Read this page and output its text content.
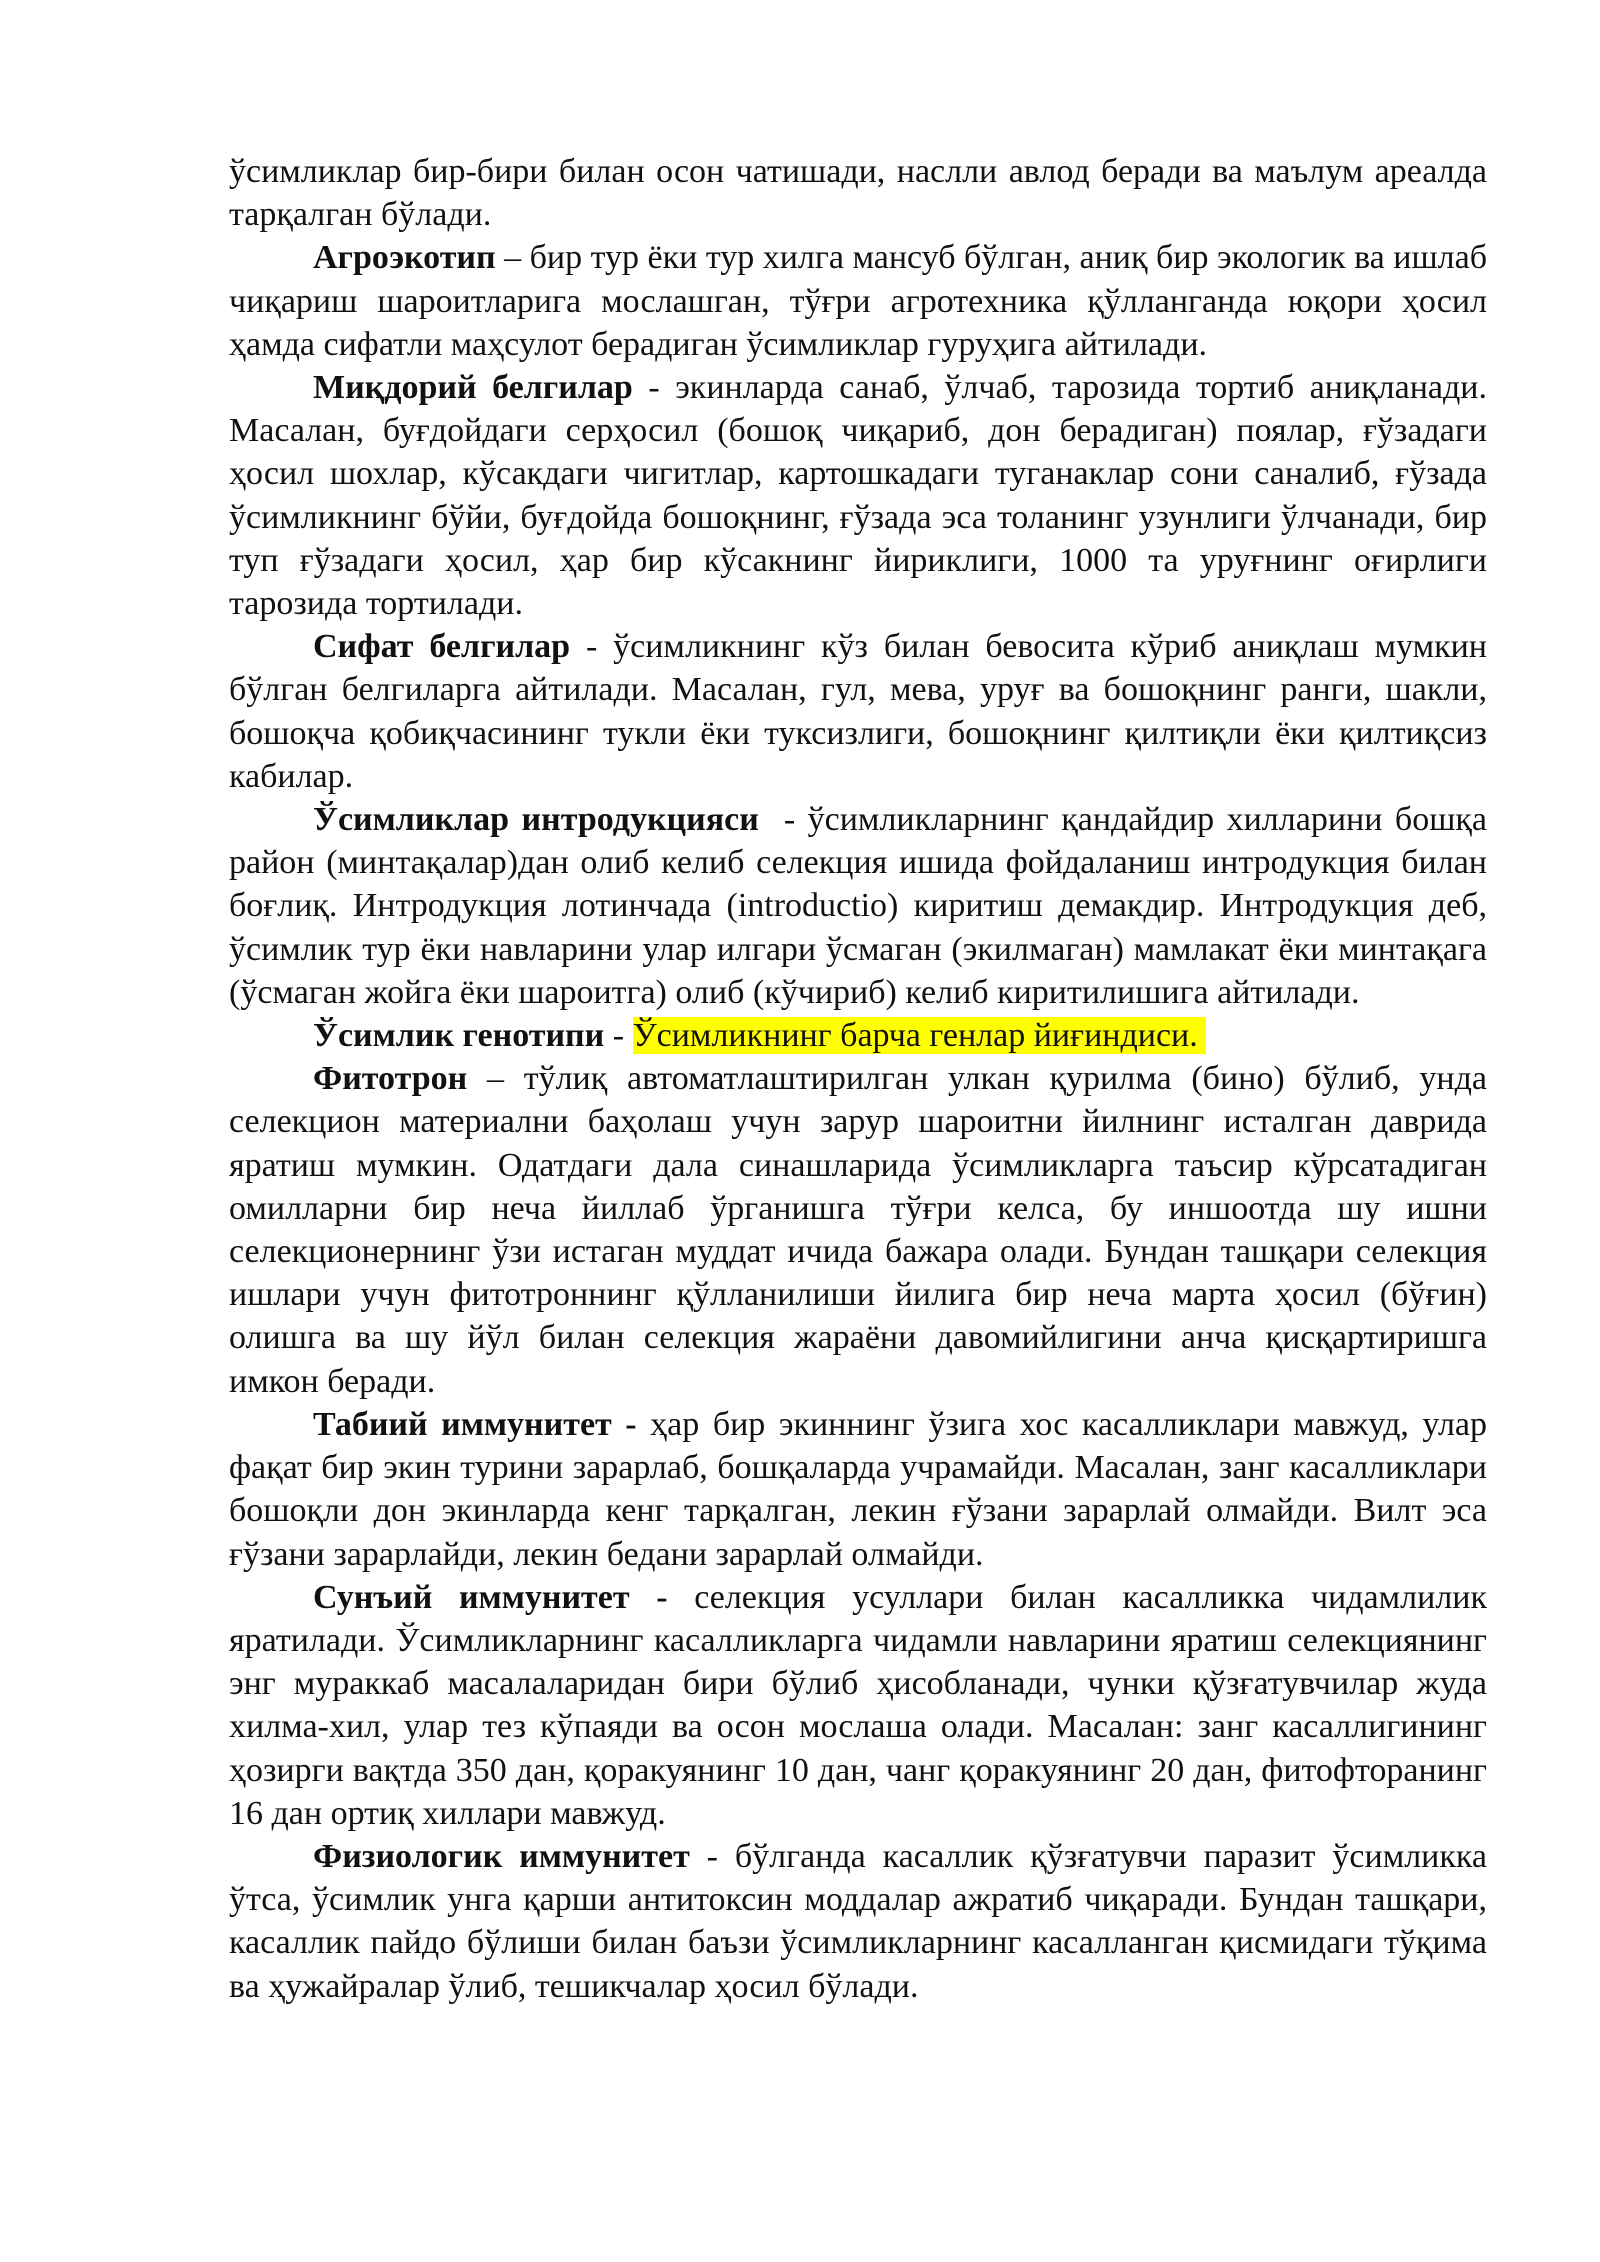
ўсимликлар бир-бири билан осон чатишади, наслли авлод беради ва маълум ареалда тарқалган бўлади.

Агроэкотип – бир тур ёки тур хилга мансуб бўлган, аниқ бир экологик ва ишлаб чиқариш шароитларига мослашган, тўғри агротехника қўлланганда юқори ҳосил ҳамда сифатли маҳсулот берадиган ўсимликлар гуруҳига айтилади.

Миқдорий белгилар - экинларда санаб, ўлчаб, тарозида тортиб аниқланади. Масалан, буғдойдаги серҳосил (бошоқ чиқариб, дон берадиган) поялар, ғўзадаги ҳосил шохлар, кўсакдаги чигитлар, картошкадаги туганаклар сони саналиб, ғўзада ўсимликнинг бўйи, буғдойда бошоқнинг, ғўзада эса толанинг узунлиги ўлчанади, бир туп ғўзадаги ҳосил, ҳар бир кўсакнинг йириклиги, 1000 та уруғнинг оғирлиги тарозида тортилади.

Сифат белгилар - ўсимликнинг кўз билан бевосита кўриб аниқлаш мумкин бўлган белгиларга айтилади. Масалан, гул, мева, уруғ ва бошоқнинг ранги, шакли, бошоқча қобиқчасининг тукли ёки туксизлиги, бошоқнинг қилтиқли ёки қилтиқсиз кабилар.

Ўсимликлар интродукцияси  - ўсимликларнинг қандайдир хилларини бошқа район (минтақалар)дан олиб келиб селекция ишида фойдаланиш интродукция билан боғлиқ. Интродукция лотинчада (introductio) киритиш демакдир. Интродукция деб, ўсимлик тур ёки навларини улар илгари ўсмаган (экилмаган) мамлакат ёки минтақага (ўсмаган жойга ёки шароитга) олиб (кўчириб) келиб киритилишига айтилади.

Ўсимлик генотипи - Ўсимликнинг барча генлар йиғиндиси.

Фитотрон – тўлиқ автоматлаштирилган улкан қурилма (бино) бўлиб, унда селекцион материални баҳолаш учун зарур шароитни йилнинг исталган даврида яратиш мумкин. Одатдаги дала синашларида ўсимликларга таъсир кўрсатадиган омилларни бир неча йиллаб ўрганишга тўғри келса, бу иншоотда шу ишни селекционернинг ўзи истаган муддат ичида бажара олади. Бундан ташқари селекция ишлари учун фитотроннинг қўлланилиши йилига бир неча марта ҳосил (бўғин) олишга ва шу йўл билан селекция жараёни давомийлигини анча қисқартиришга имкон беради.

Табиий иммунитет - ҳар бир экиннинг ўзига хос касалликлари мавжуд, улар фақат бир экин турини зарарлаб, бошқаларда учрамайди. Масалан, занг касалликлари бошоқли дон экинларда кенг тарқалган, лекин ғўзани зарарлай олмайди. Вилт эса ғўзани зарарлайди, лекин бедани зарарлай олмайди.

Сунъий иммунитет - селекция усуллари билан касалликка чидамлилик яратилади. Ўсимликларнинг касалликларга чидамли навларини яратиш селекциянинг энг мураккаб масалаларидан бири бўлиб ҳисобланади, чунки қўзғатувчилар жуда хилма-хил, улар тез кўпаяди ва осон мослаша олади. Масалан: занг касаллигининг ҳозирги вақтда 350 дан, қоракуянинг 10 дан, чанг қоракуянинг 20 дан, фитофторанинг 16 дан ортиқ хиллари мавжуд.

Физиологик иммунитет - бўлганда касаллик қўзғатувчи паразит ўсимликка ўтса, ўсимлик унга қарши антитоксин моддалар ажратиб чиқаради. Бундан ташқари, касаллик пайдо бўлиши билан баъзи ўсимликларнинг касалланган қисмидаги тўқима ва ҳужайралар ўлиб, тешикчалар ҳосил бўлади.
